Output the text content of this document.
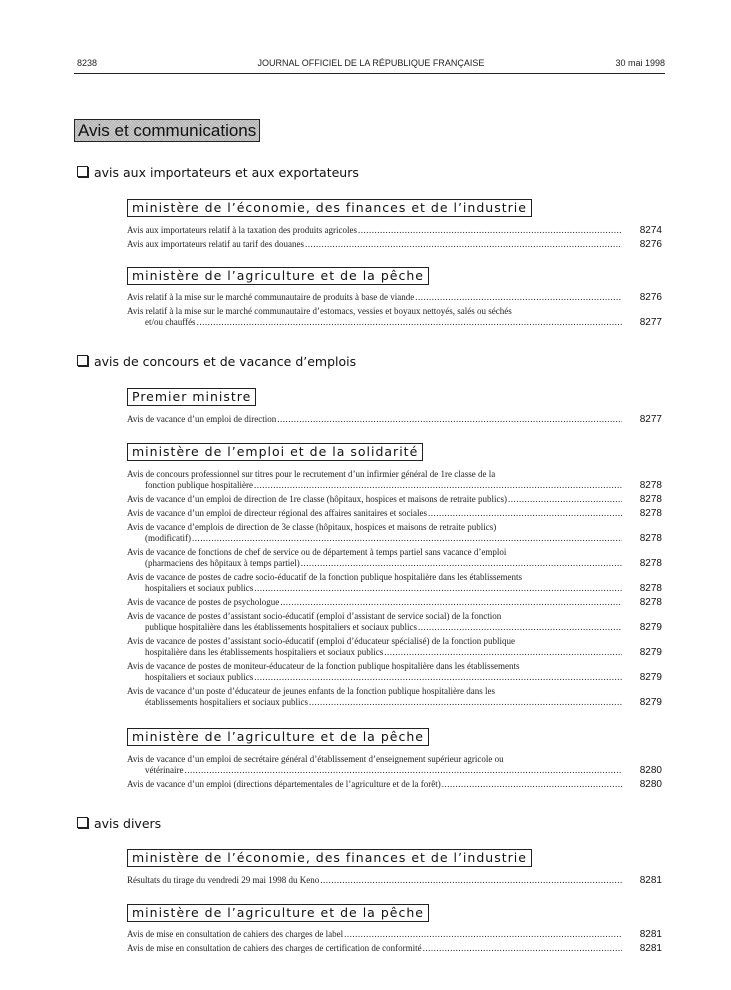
8238	JOURNAL OFFICIEL DE LA RÉPUBLIQUE FRANÇAISE	30 mai 1998
Avis et communications
avis aux importateurs et aux exportateurs
ministère de l’économie, des finances et de l’industrie
Avis aux importateurs relatif à la taxation des produits agricoles .....	8274
Avis aux importateurs relatif au tarif des douanes .....	8276
ministère de l’agriculture et de la pêche
Avis relatif à la mise sur le marché communautaire de produits à base de viande .....	8276
Avis relatif à la mise sur le marché communautaire d’estomacs, vessies et boyaux nettoyés, salés ou séchés
et/ou chauffés .....	8277
avis de concours et de vacance d’emplois
Premier ministre
Avis de vacance d’un emploi de direction .....	8277
ministère de l’emploi et de la solidarité
Avis de concours professionnel sur titres pour le recrutement d’un infirmier général de 1re classe de la
fonction publique hospitalière .....	8278
Avis de vacance d’un emploi de direction de 1re classe (hôpitaux, hospices et maisons de retraite publics) .....	8278
Avis de vacance d’un emploi de directeur régional des affaires sanitaires et sociales .....	8278
Avis de vacance d’emplois de direction de 3e classe (hôpitaux, hospices et maisons de retraite publics)
(modificatif) .....	8278
Avis de vacance de fonctions de chef de service ou de département à temps partiel sans vacance d’emploi
(pharmaciens des hôpitaux à temps partiel) .....	8278
Avis de vacance de postes de cadre socio-éducatif de la fonction publique hospitalière dans les établissements
hospitaliers et sociaux publics .....	8278
Avis de vacance de postes de psychologue .....	8278
Avis de vacance de postes d’assistant socio-éducatif (emploi d’assistant de service social) de la fonction
publique hospitalière dans les établissements hospitaliers et sociaux publics .....	8279
Avis de vacance de postes d’assistant socio-éducatif (emploi d’éducateur spécialisé) de la fonction publique
hospitalière dans les établissements hospitaliers et sociaux publics .....	8279
Avis de vacance de postes de moniteur-éducateur de la fonction publique hospitalière dans les établissements
hospitaliers et sociaux publics .....	8279
Avis de vacance d’un poste d’éducateur de jeunes enfants de la fonction publique hospitalière dans les
établissements hospitaliers et sociaux publics .....	8279
ministère de l’agriculture et de la pêche
Avis de vacance d’un emploi de secrétaire général d’établissement d’enseignement supérieur agricole ou
vétérinaire .....	8280
Avis de vacance d’un emploi (directions départementales de l’agriculture et de la forêt) .....	8280
avis divers
ministère de l’économie, des finances et de l’industrie
Résultats du tirage du vendredi 29 mai 1998 du Keno .....	8281
ministère de l’agriculture et de la pêche
Avis de mise en consultation de cahiers des charges de label .....	8281
Avis de mise en consultation de cahiers des charges de certification de conformité .....	8281
